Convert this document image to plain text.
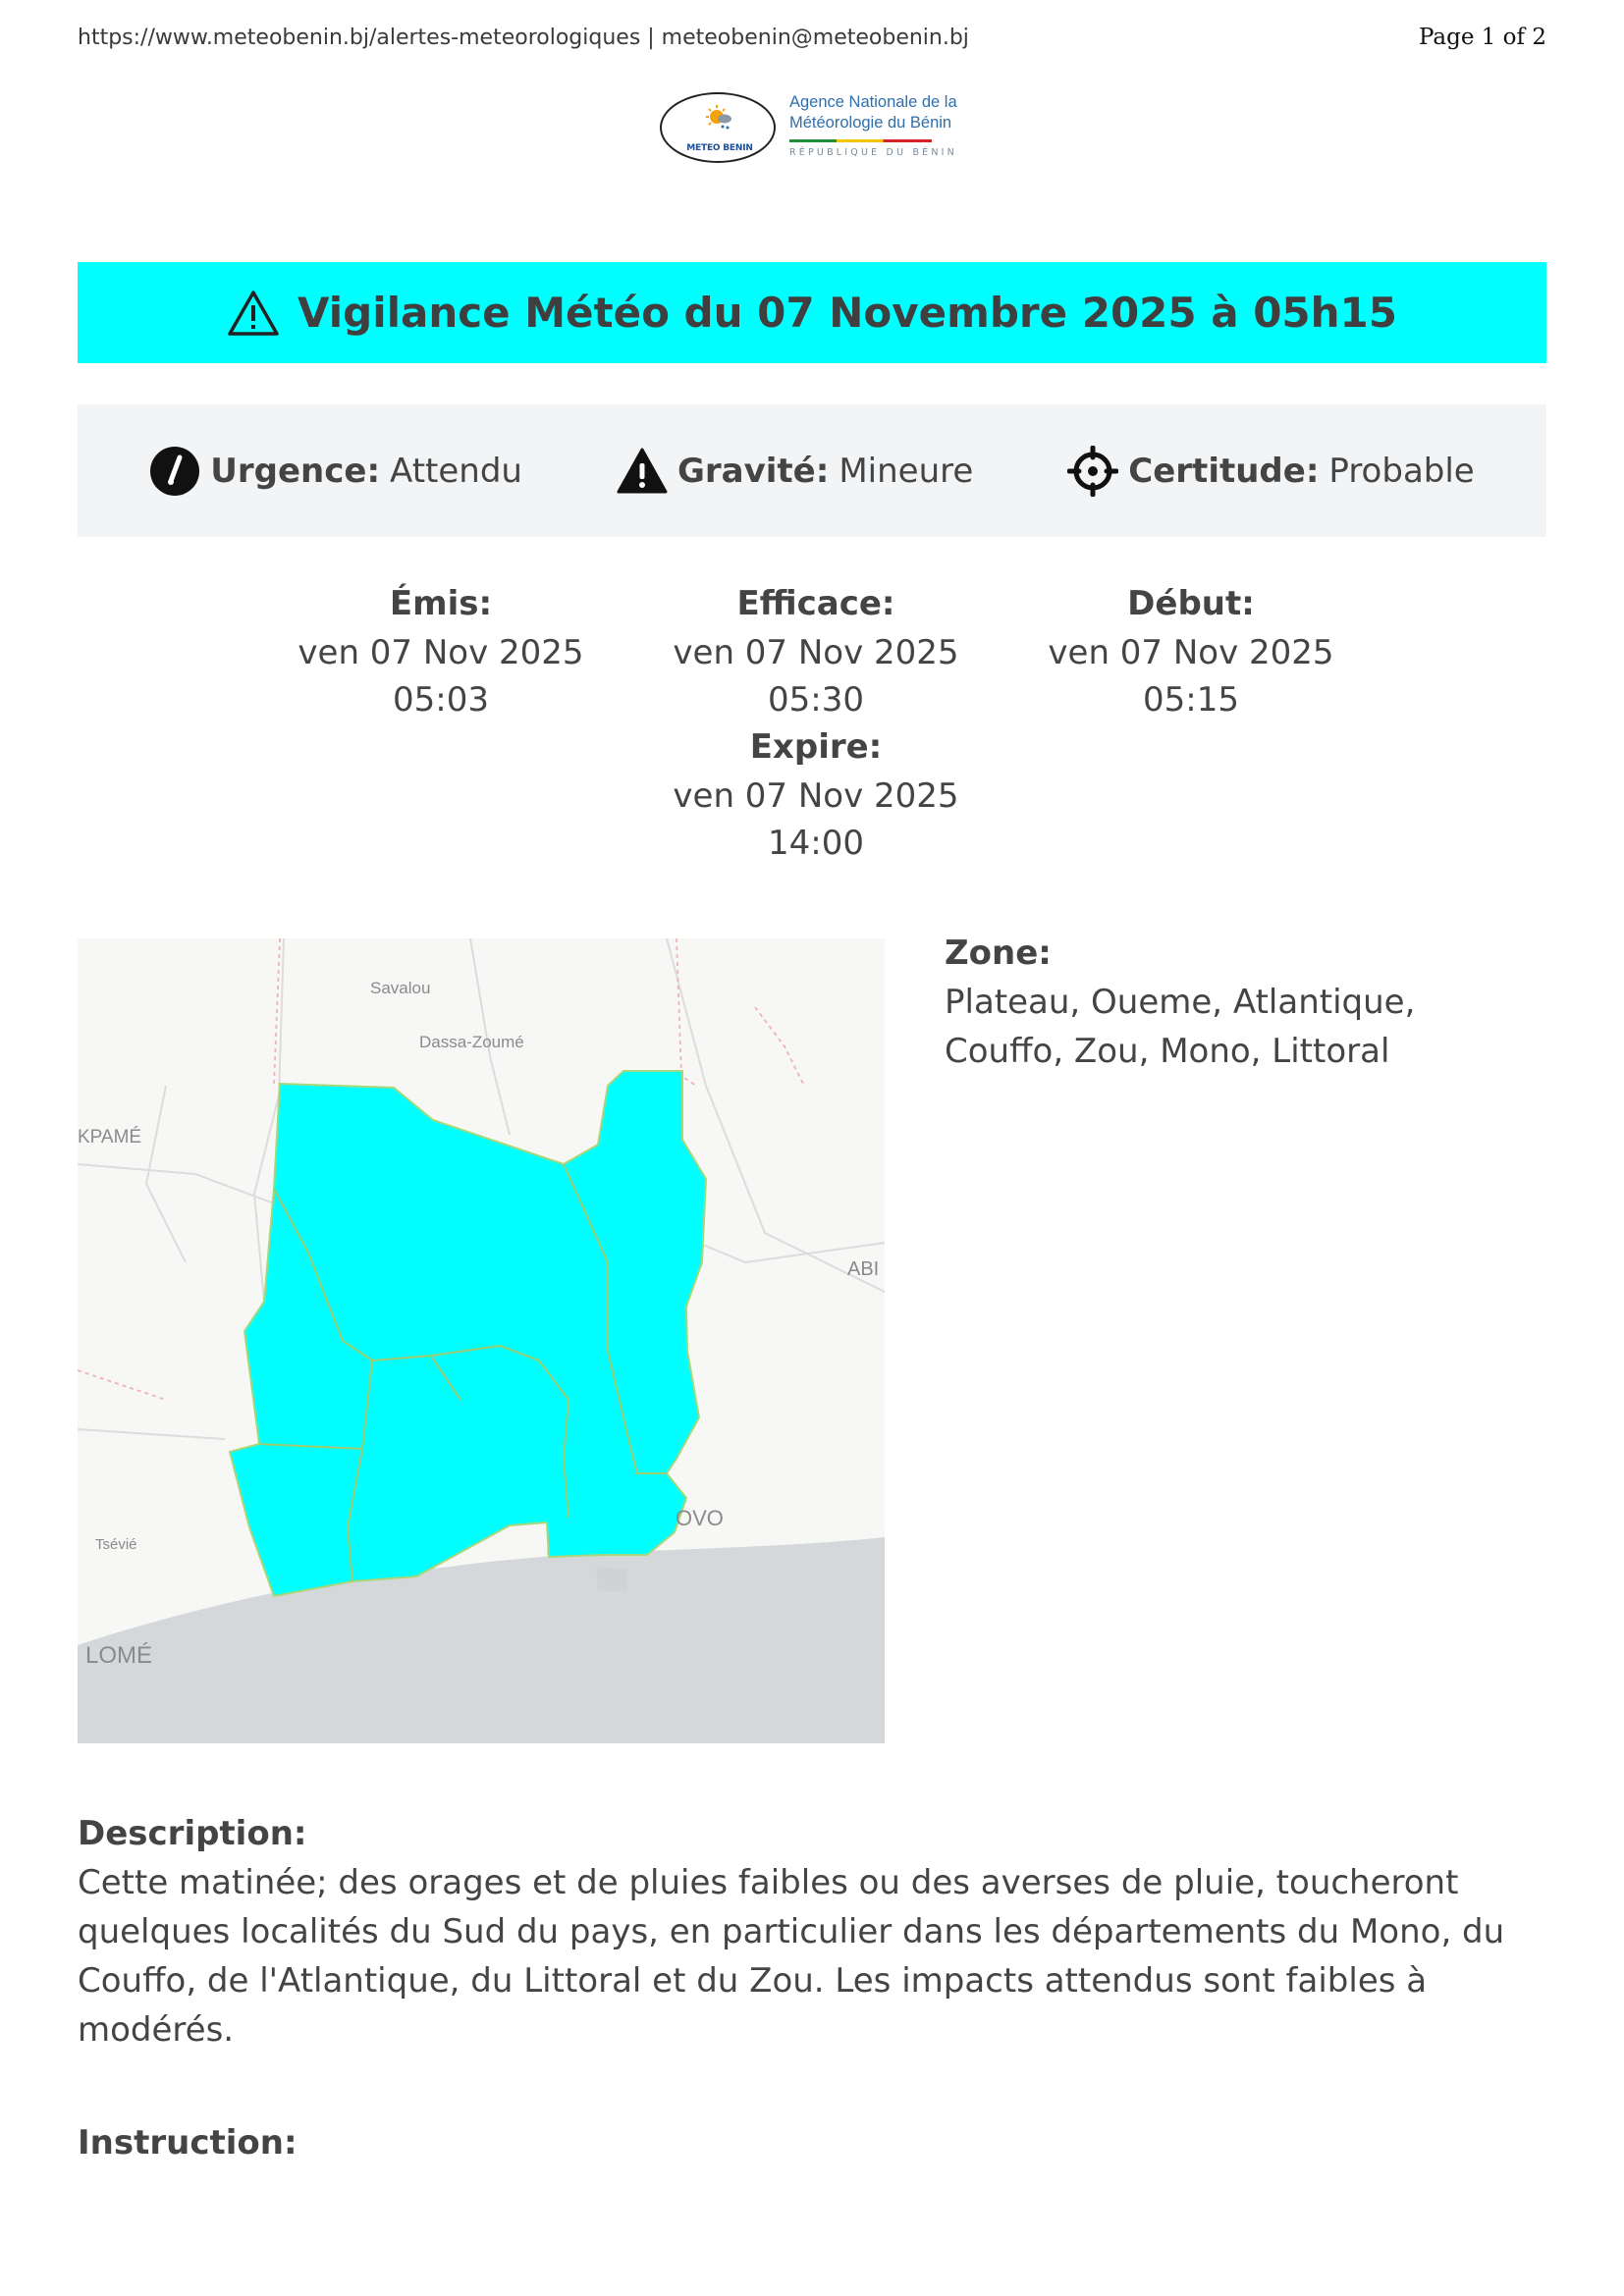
https://www.meteobenin.bj/alertes-meteorologiques | meteobenin@meteobenin.bj	Page 1 of 2
METEO BENIN
Agence Nationale de la
Météorologie du Bénin
RÉPUBLIQUE DU BÉNIN
Vigilance Météo du 07 Novembre 2025 à 05h15
Urgence: Attendu	Gravité: Mineure	Certitude: Probable
Émis:
ven 07 Nov 2025
05:03
Efficace:
ven 07 Nov 2025
05:30
Expire:
ven 07 Nov 2025
14:00
Début:
ven 07 Nov 2025
05:15
Savalou
Dassa-Zoumé
KPAMÉ
ABI
Tsévié
LOMÉ
OVO
Zone:
Plateau, Oueme, Atlantique, Couffo, Zou, Mono, Littoral
Description:
Cette matinée; des orages et de pluies faibles ou des averses de pluie, toucheront quelques localités du Sud du pays, en particulier dans les départements du Mono, du Couffo, de l'Atlantique, du Littoral et du Zou. Les impacts attendus sont faibles à modérés.
Instruction:
